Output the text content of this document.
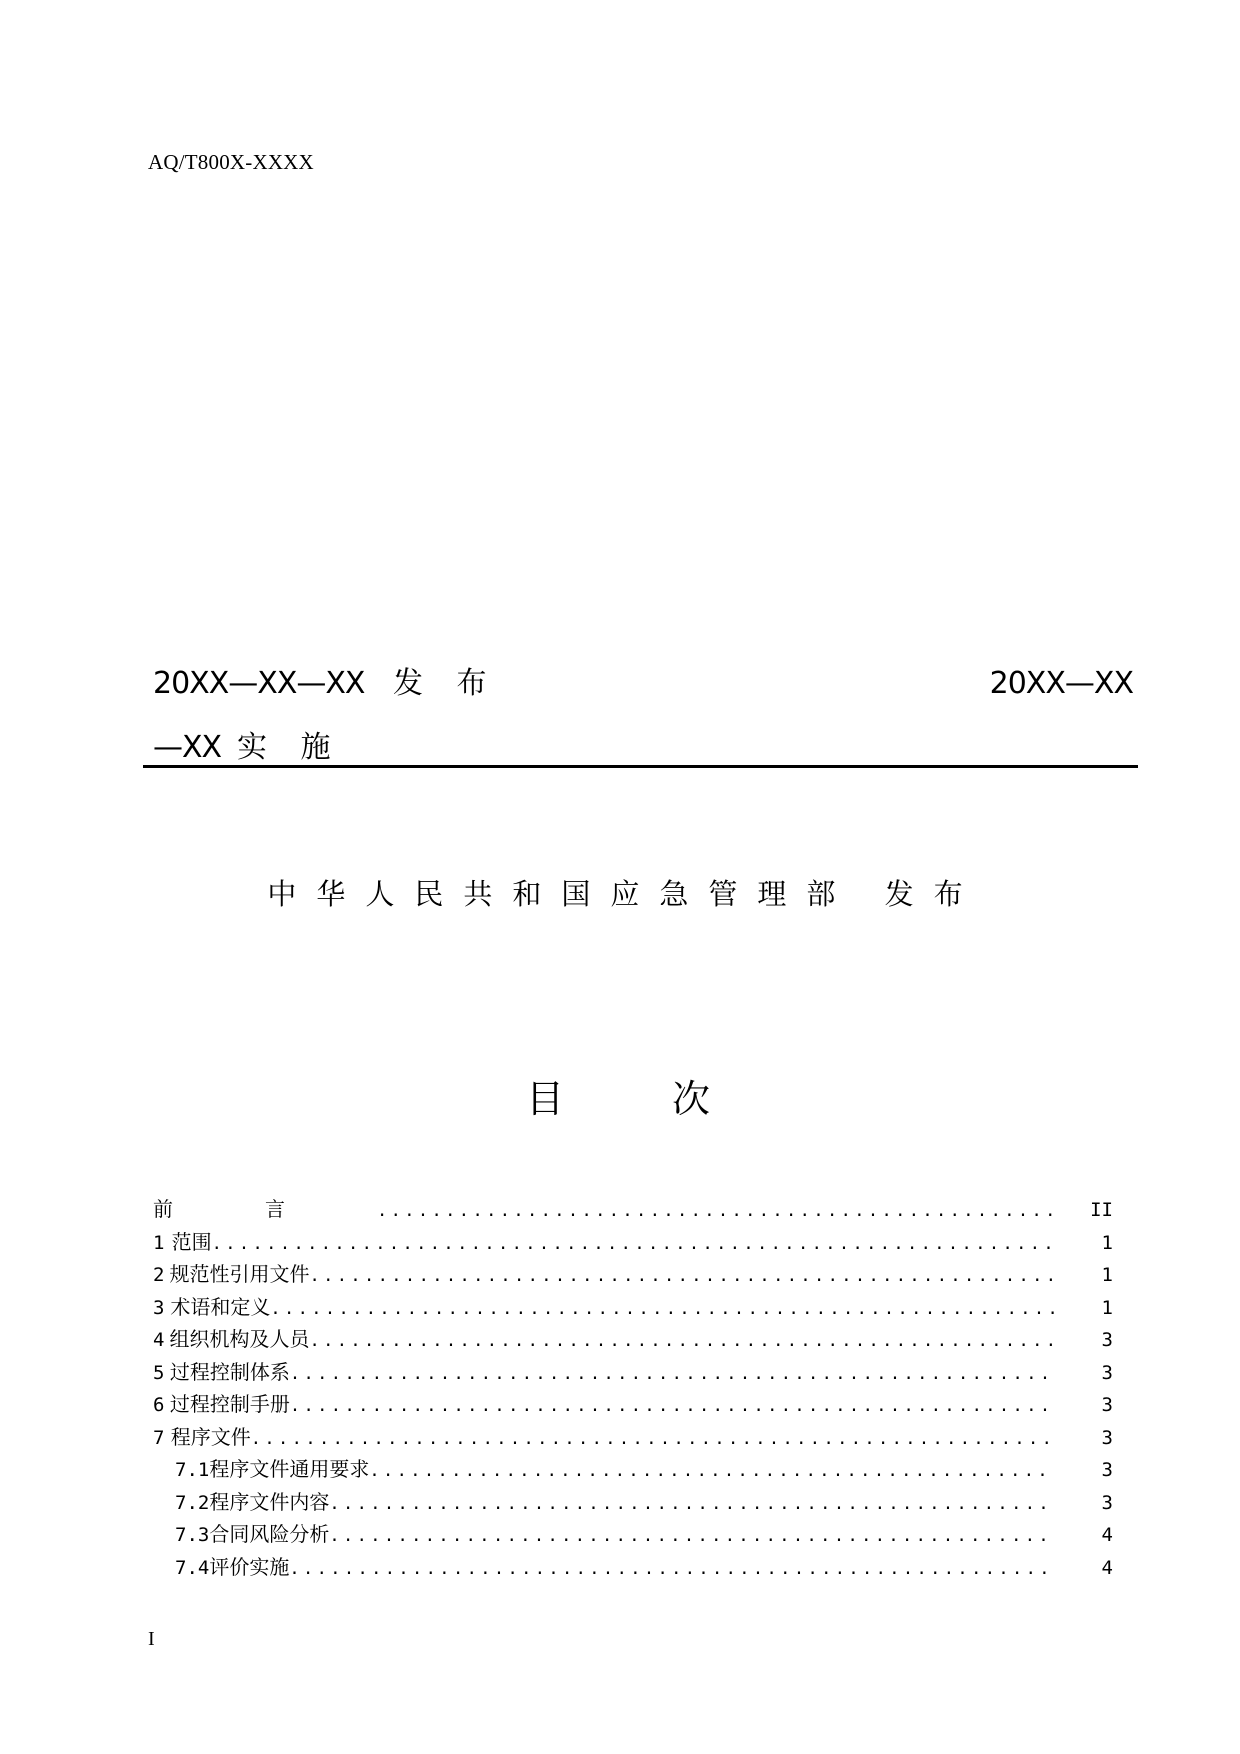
AQ/T800X-XXXX
20XX—XX—XX 发 布	20XX—XX
—XX 实 施
中华人民共和国应急管理部 发布
目 次
前言 .....	II
1 范围 .....	1
2 规范性引用文件 .....	1
3 术语和定义 .....	1
4 组织机构及人员 .....	3
5 过程控制体系 .....	3
6 过程控制手册 .....	3
7 程序文件 .....	3
7.1 程序文件通用要求 .....	3
7.2 程序文件内容 .....	3
7.3 合同风险分析 .....	4
7.4 评价实施 .....	4
I
